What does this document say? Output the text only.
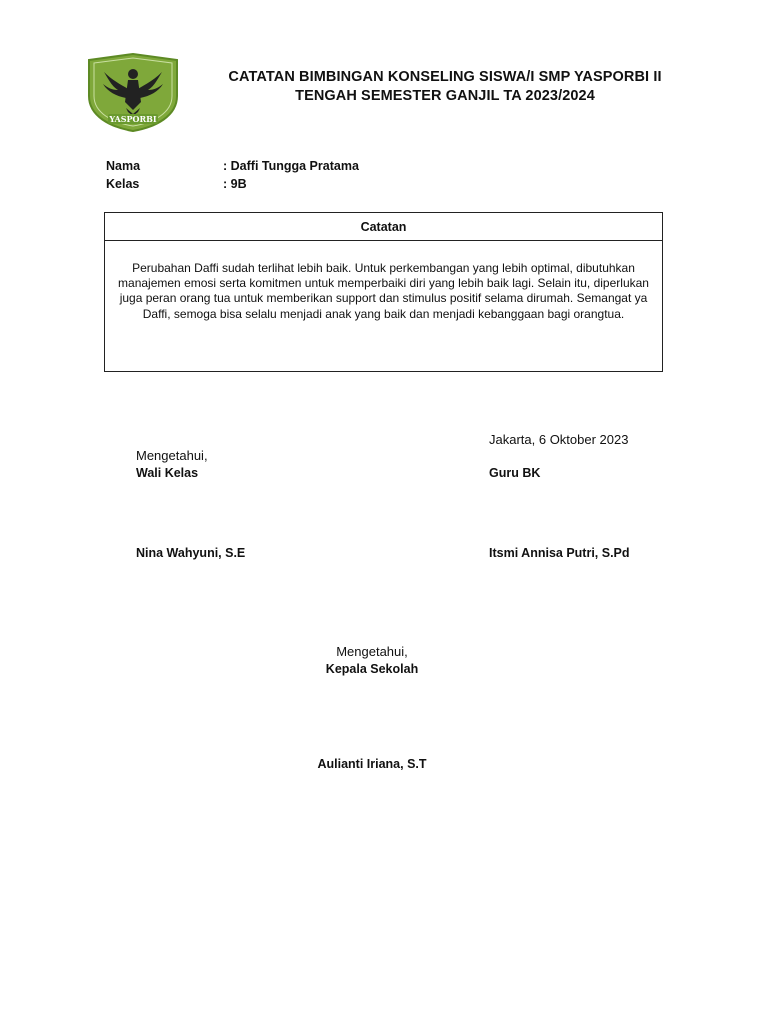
YASPORBI
CATATAN BIMBINGAN KONSELING SISWA/I SMP YASPORBI II
TENGAH SEMESTER GANJIL TA 2023/2024
Nama	: Daffi Tungga Pratama
Kelas	: 9B
Catatan
Perubahan Daffi sudah terlihat lebih baik. Untuk perkembangan yang lebih optimal, dibutuhkan manajemen emosi serta komitmen untuk memperbaiki diri yang lebih baik lagi. Selain itu, diperlukan juga peran orang tua untuk memberikan support dan stimulus positif selama dirumah. Semangat ya Daffi, semoga bisa selalu menjadi anak yang baik dan menjadi kebanggaan bagi orangtua.
Jakarta, 6 Oktober 2023
Mengetahui,
Wali Kelas	Guru BK
Nina Wahyuni, S.E	Itsmi Annisa Putri, S.Pd
Mengetahui,
Kepala Sekolah
Aulianti Iriana, S.T
